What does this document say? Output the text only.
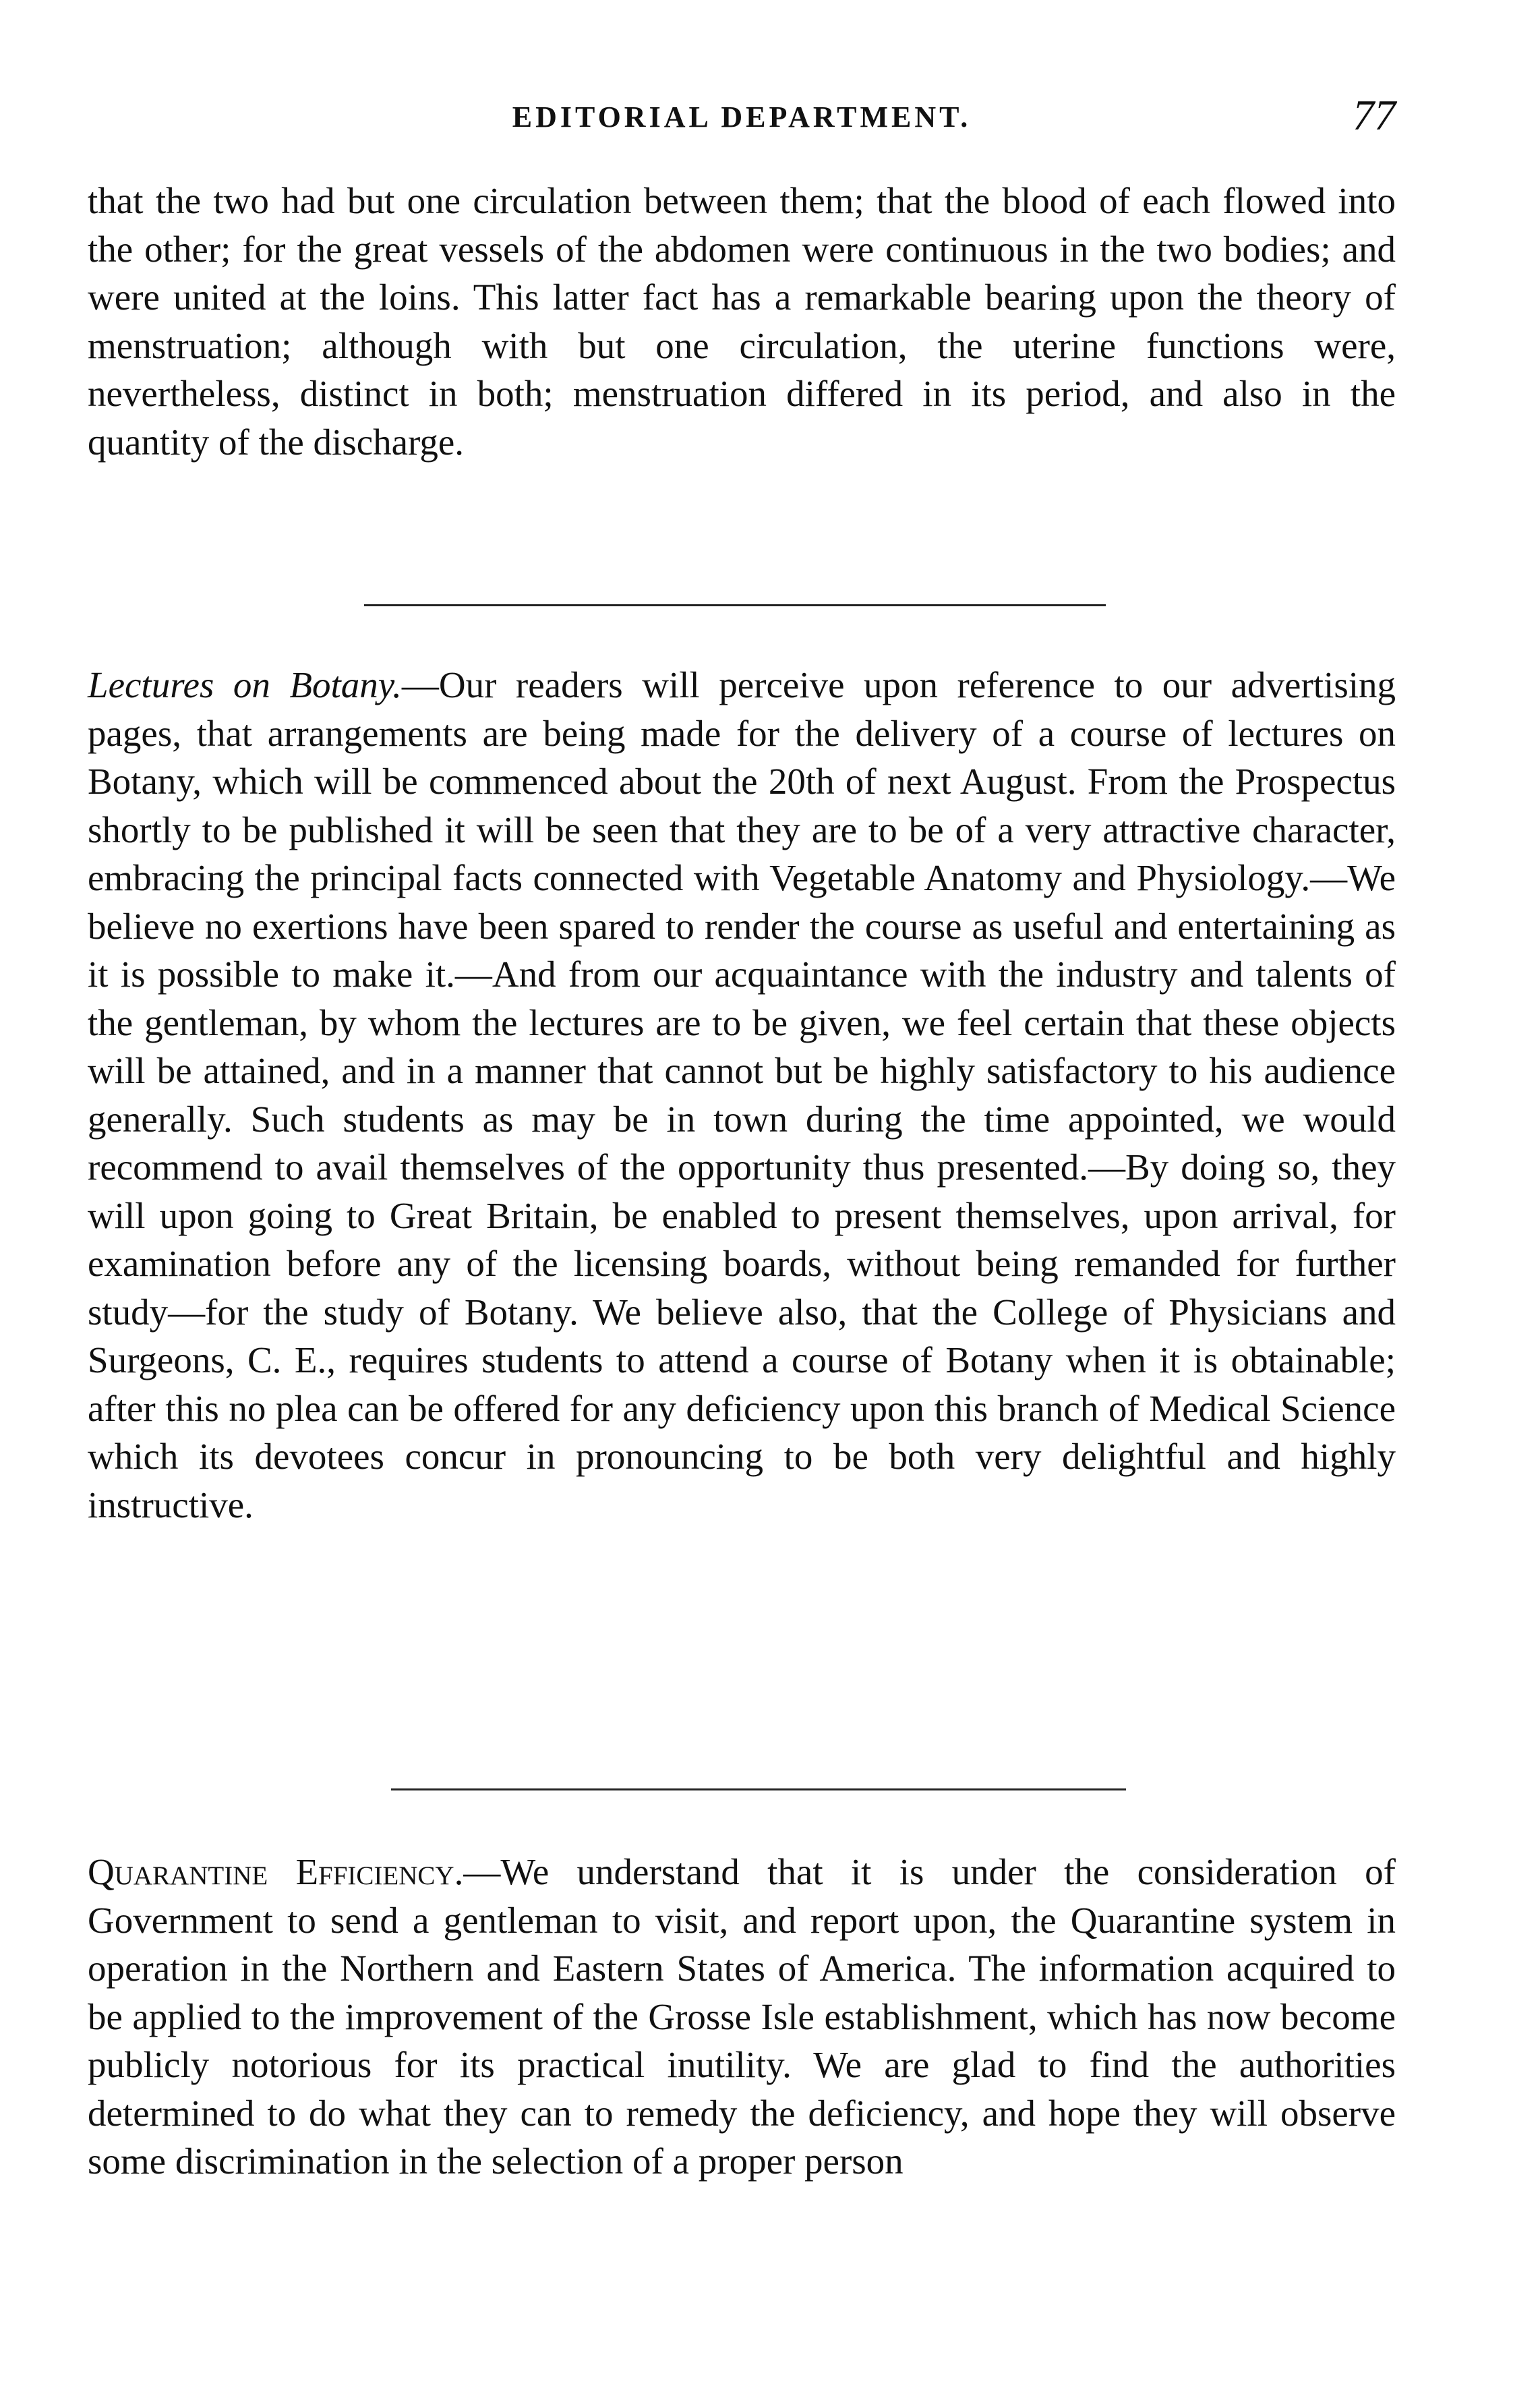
EDITORIAL DEPARTMENT.	77

that the two had but one circulation between them; that the blood of each flowed into the other; for the great vessels of the abdomen were continuous in the two bodies; and were united at the loins. This latter fact has a remarkable bearing upon the theory of menstruation; although with but one circulation, the uterine functions were, nevertheless, distinct in both; menstruation differed in its period, and also in the quantity of the discharge.

Lectures on Botany.—Our readers will perceive upon reference to our advertising pages, that arrangements are being made for the delivery of a course of lectures on Botany, which will be commenced about the 20th of next August. From the Prospectus shortly to be published it will be seen that they are to be of a very attractive character, embracing the principal facts connected with Vegetable Anatomy and Physiology.—We believe no exertions have been spared to render the course as useful and entertaining as it is possible to make it.—And from our acquaintance with the industry and talents of the gentleman, by whom the lectures are to be given, we feel certain that these objects will be attained, and in a manner that cannot but be highly satisfactory to his audience generally. Such students as may be in town during the time appointed, we would recommend to avail themselves of the opportunity thus presented.—By doing so, they will upon going to Great Britain, be enabled to present themselves, upon arrival, for examination before any of the licensing boards, without being remanded for further study—for the study of Botany. We believe also, that the College of Physicians and Surgeons, C. E., requires students to attend a course of Botany when it is obtainable; after this no plea can be offered for any deficiency upon this branch of Medical Science which its devotees concur in pronouncing to be both very delightful and highly instructive.

Quarantine Efficiency.—We understand that it is under the consideration of Government to send a gentleman to visit, and report upon, the Quarantine system in operation in the Northern and Eastern States of America. The information acquired to be applied to the improvement of the Grosse Isle establishment, which has now become publicly notorious for its practical inutility. We are glad to find the authorities determined to do what they can to remedy the deficiency, and hope they will observe some discrimination in the selection of a proper person
